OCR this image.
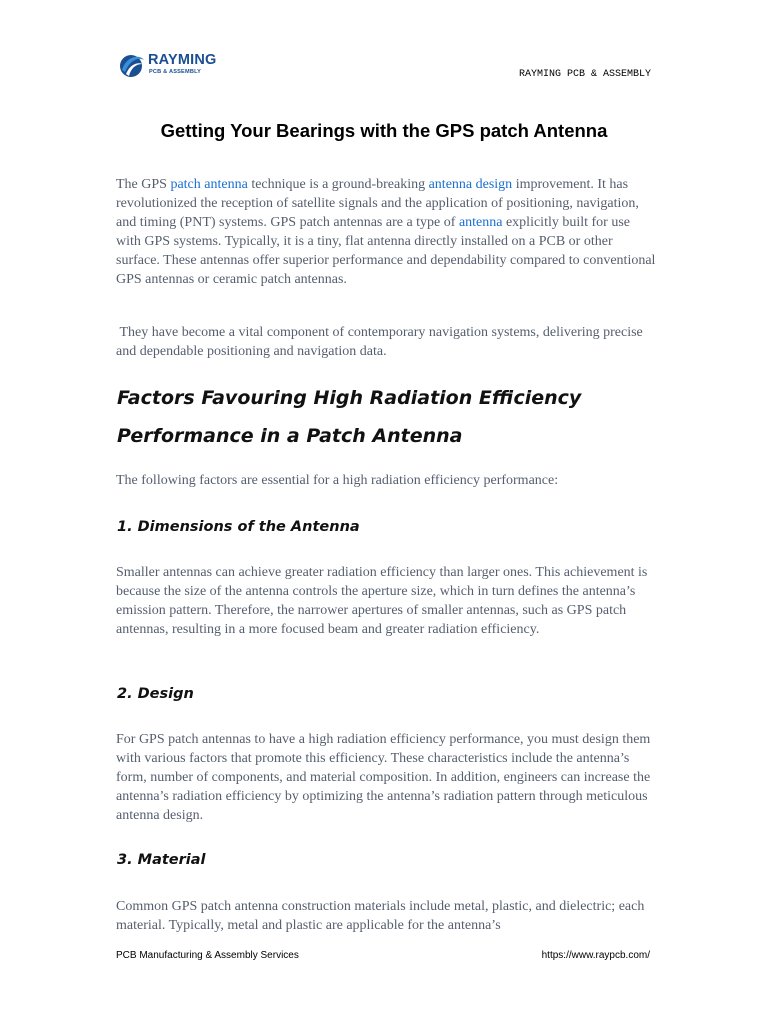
RAYMING
PCB & ASSEMBLY	RAYMING PCB & ASSEMBLY
Getting Your Bearings with the GPS patch Antenna

The GPS patch antenna technique is a ground-breaking antenna design improvement. It has revolutionized the reception of satellite signals and the application of positioning, navigation, and timing (PNT) systems. GPS patch antennas are a type of antenna explicitly built for use with GPS systems. Typically, it is a tiny, flat antenna directly installed on a PCB or other surface. These antennas offer superior performance and dependability compared to conventional GPS antennas or ceramic patch antennas.

They have become a vital component of contemporary navigation systems, delivering precise and dependable positioning and navigation data.

Factors Favouring High Radiation Efficiency Performance in a Patch Antenna

The following factors are essential for a high radiation efficiency performance:

1. Dimensions of the Antenna

Smaller antennas can achieve greater radiation efficiency than larger ones. This achievement is because the size of the antenna controls the aperture size, which in turn defines the antenna’s emission pattern. Therefore, the narrower apertures of smaller antennas, such as GPS patch antennas, resulting in a more focused beam and greater radiation efficiency.

2. Design

For GPS patch antennas to have a high radiation efficiency performance, you must design them with various factors that promote this efficiency. These characteristics include the antenna’s form, number of components, and material composition. In addition, engineers can increase the antenna’s radiation efficiency by optimizing the antenna’s radiation pattern through meticulous antenna design.

3. Material

Common GPS patch antenna construction materials include metal, plastic, and dielectric; each material. Typically, metal and plastic are applicable for the antenna’s

PCB Manufacturing & Assembly Services	https://www.raypcb.com/
